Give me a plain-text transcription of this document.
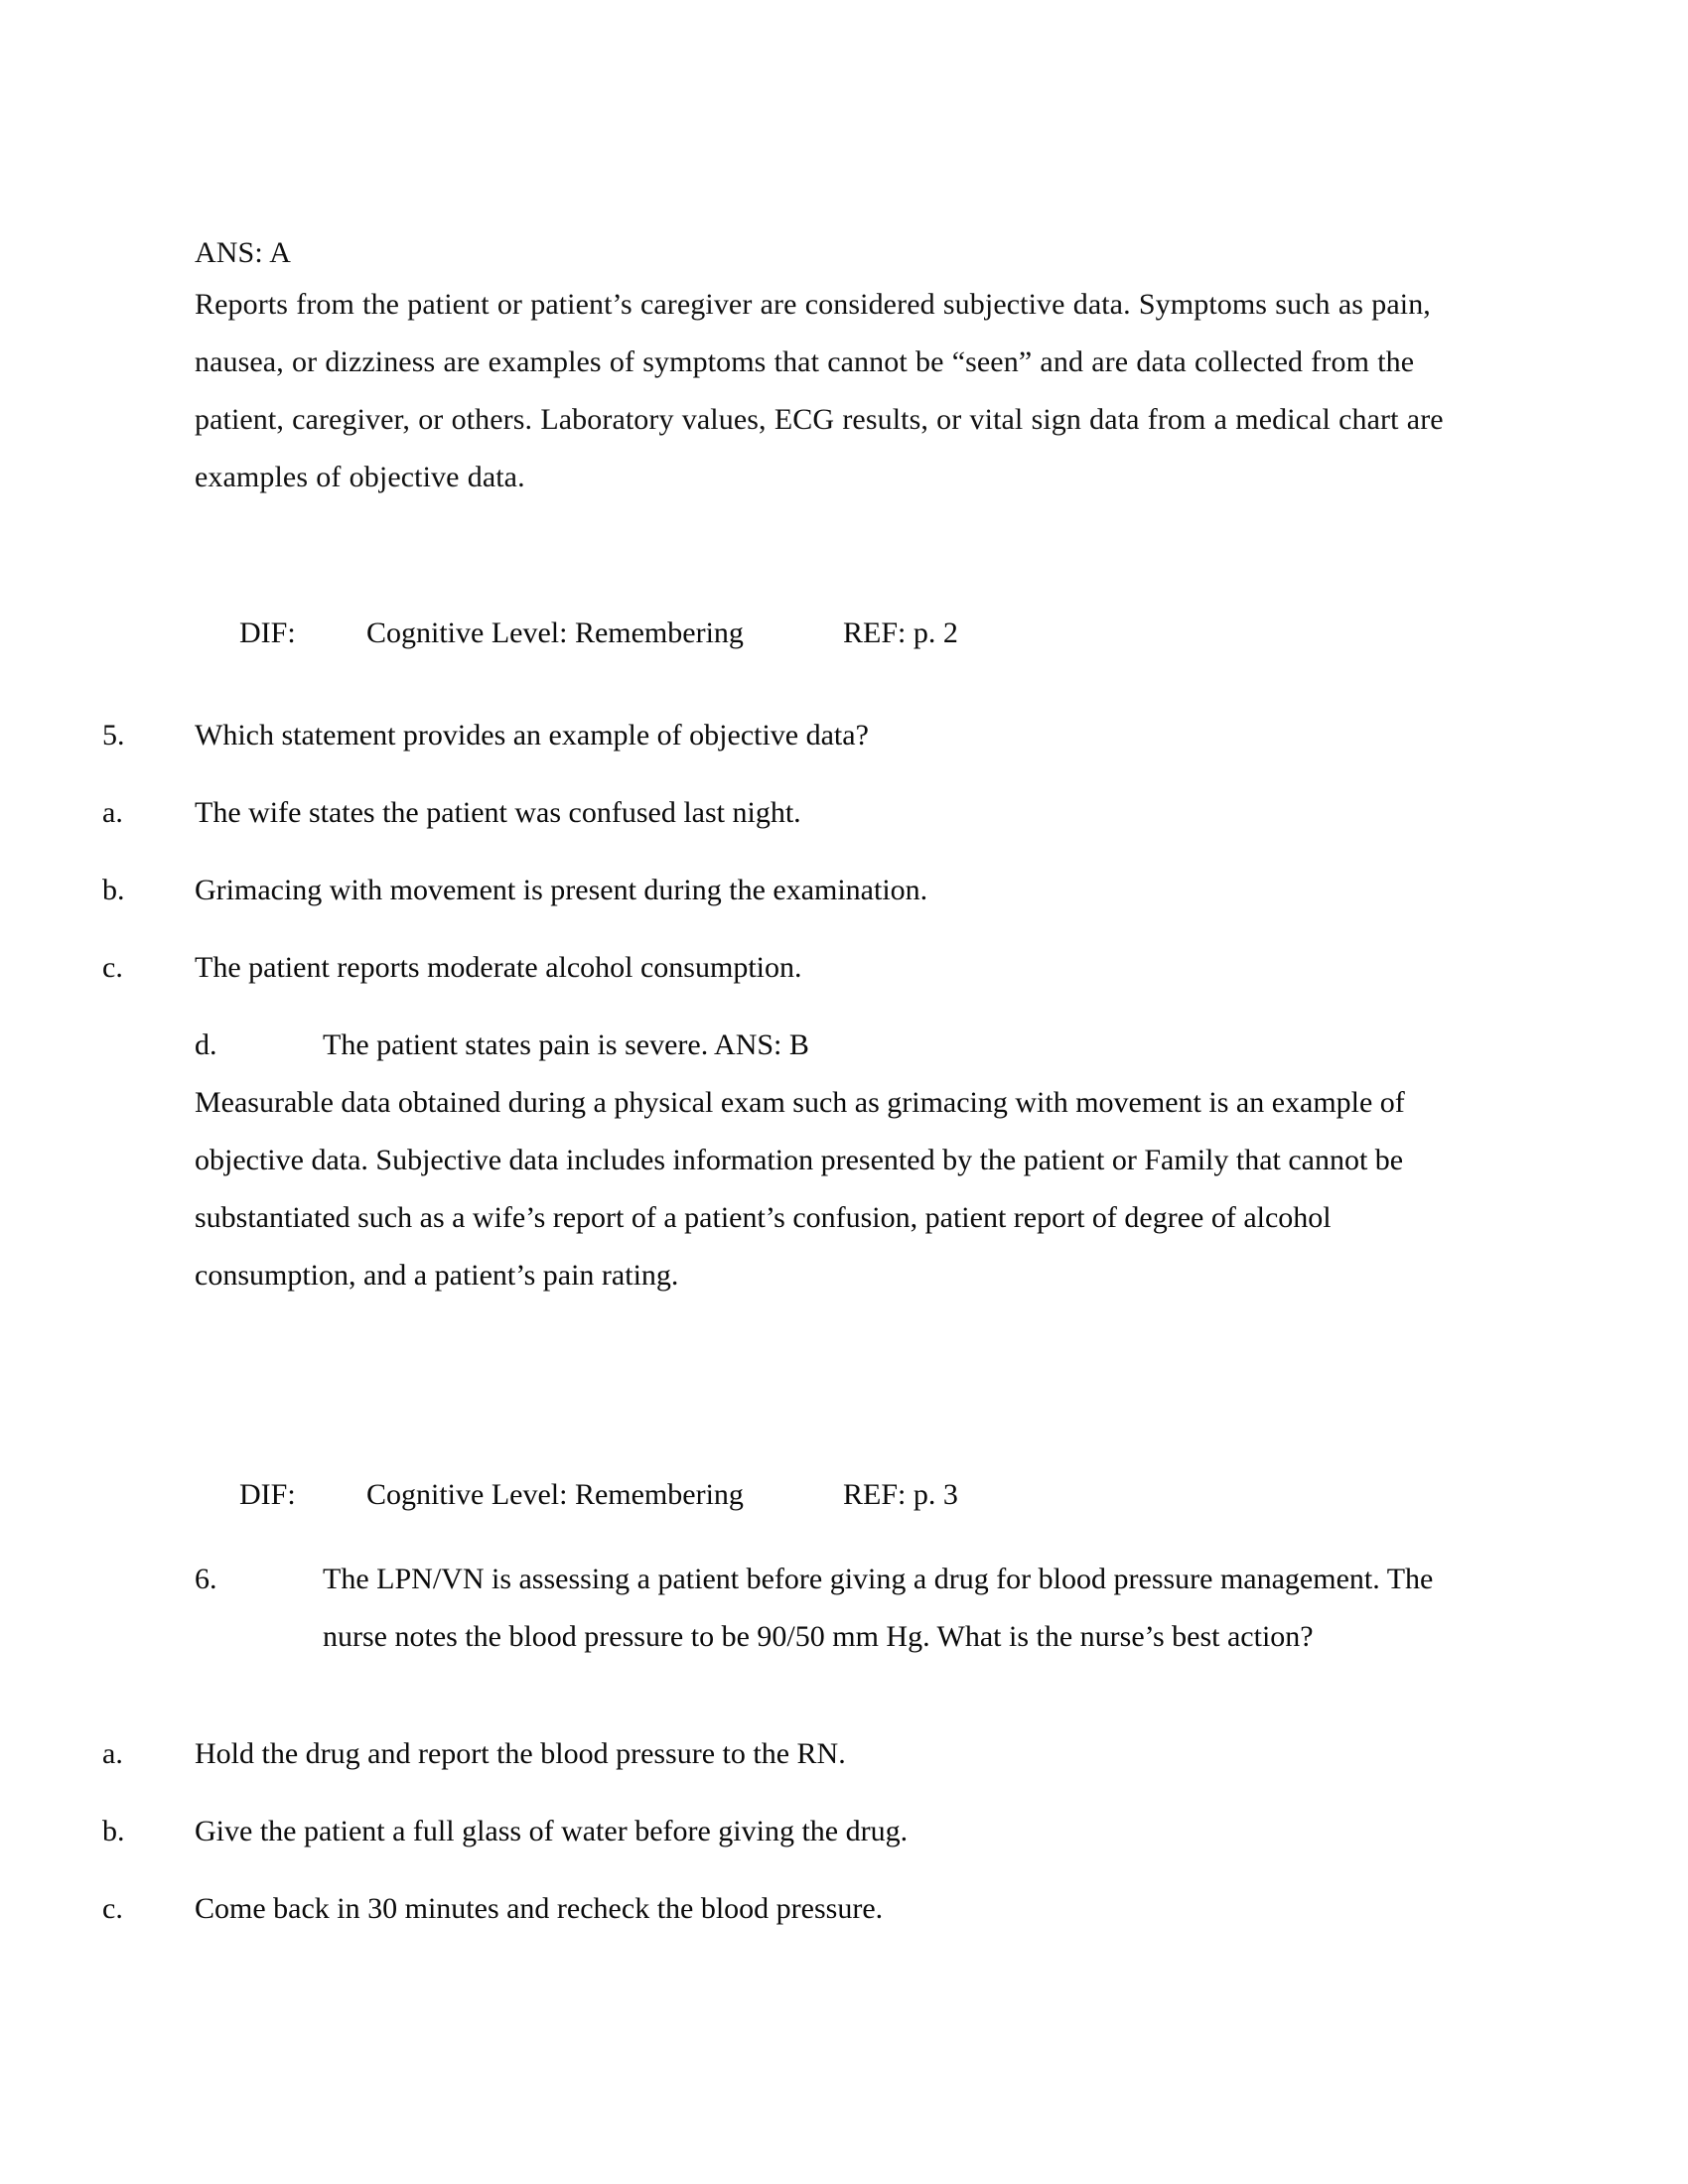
ANS: A
Reports from the patient or patient’s caregiver are considered subjective data. Symptoms such as pain, nausea, or dizziness are examples of symptoms that cannot be “seen” and are data collected from the patient, caregiver, or others. Laboratory values, ECG results, or vital sign data from a medical chart are examples of objective data.

DIF: Cognitive Level: Remembering	REF: p. 2

5.	Which statement provides an example of objective data?
a.	The wife states the patient was confused last night.
b.	Grimacing with movement is present during the examination.
c.	The patient reports moderate alcohol consumption.
d.	The patient states pain is severe. ANS: B
Measurable data obtained during a physical exam such as grimacing with movement is an example of objective data. Subjective data includes information presented by the patient or Family that cannot be substantiated such as a wife’s report of a patient’s confusion, patient report of degree of alcohol consumption, and a patient’s pain rating.

DIF: Cognitive Level: Remembering	REF: p. 3

6.	The LPN/VN is assessing a patient before giving a drug for blood pressure management. The nurse notes the blood pressure to be 90/50 mm Hg. What is the nurse’s best action?
a.	Hold the drug and report the blood pressure to the RN.
b.	Give the patient a full glass of water before giving the drug.
c.	Come back in 30 minutes and recheck the blood pressure.
